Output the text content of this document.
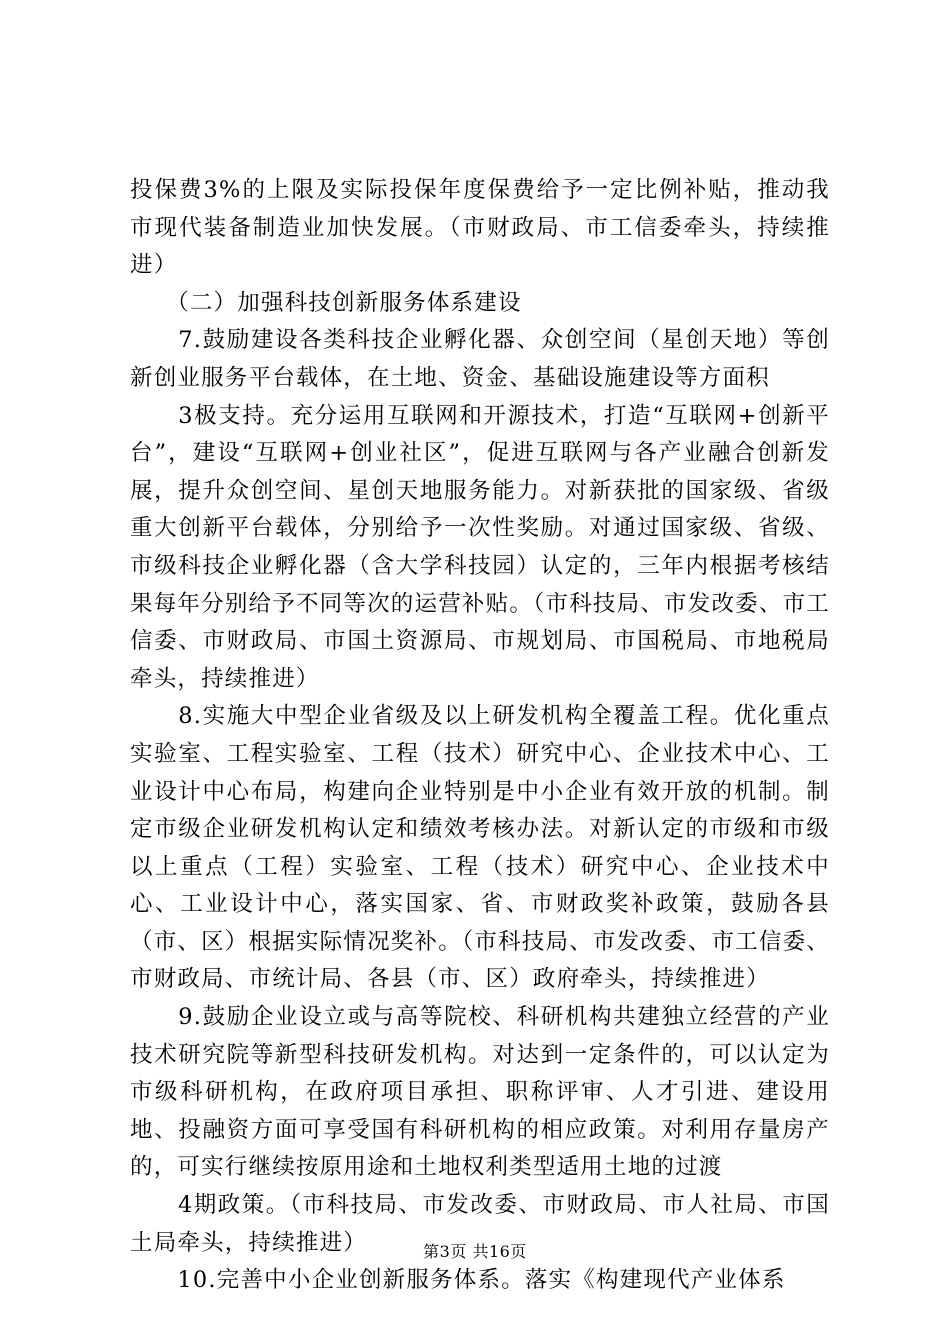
投保费3%的上限及实际投保年度保费给予一定比例补贴，推动我市现代装备制造业加快发展。（市财政局、市工信委牵头，持续推进）

　　（二）加强科技创新服务体系建设

　　7.鼓励建设各类科技企业孵化器、众创空间（星创天地）等创新创业服务平台载体，在土地、资金、基础设施建设等方面积

　　3极支持。充分运用互联网和开源技术，打造“互联网+创新平台”，建设“互联网+创业社区”，促进互联网与各产业融合创新发展，提升众创空间、星创天地服务能力。对新获批的国家级、省级重大创新平台载体，分别给予一次性奖励。对通过国家级、省级、市级科技企业孵化器（含大学科技园）认定的，三年内根据考核结果每年分别给予不同等次的运营补贴。（市科技局、市发改委、市工信委、市财政局、市国土资源局、市规划局、市国税局、市地税局牵头，持续推进）

　　8.实施大中型企业省级及以上研发机构全覆盖工程。优化重点实验室、工程实验室、工程（技术）研究中心、企业技术中心、工业设计中心布局，构建向企业特别是中小企业有效开放的机制。制定市级企业研发机构认定和绩效考核办法。对新认定的市级和市级以上重点（工程）实验室、工程（技术）研究中心、企业技术中心、工业设计中心，落实国家、省、市财政奖补政策，鼓励各县（市、区）根据实际情况奖补。（市科技局、市发改委、市工信委、市财政局、市统计局、各县（市、区）政府牵头，持续推进）

　　9.鼓励企业设立或与高等院校、科研机构共建独立经营的产业技术研究院等新型科技研发机构。对达到一定条件的，可以认定为市级科研机构，在政府项目承担、职称评审、人才引进、建设用地、投融资方面可享受国有科研机构的相应政策。对利用存量房产的，可实行继续按原用途和土地权利类型适用土地的过渡

　　4期政策。（市科技局、市发改委、市财政局、市人社局、市国土局牵头，持续推进）

　　10.完善中小企业创新服务体系。落实《构建现代产业体系

第3页 共16页
